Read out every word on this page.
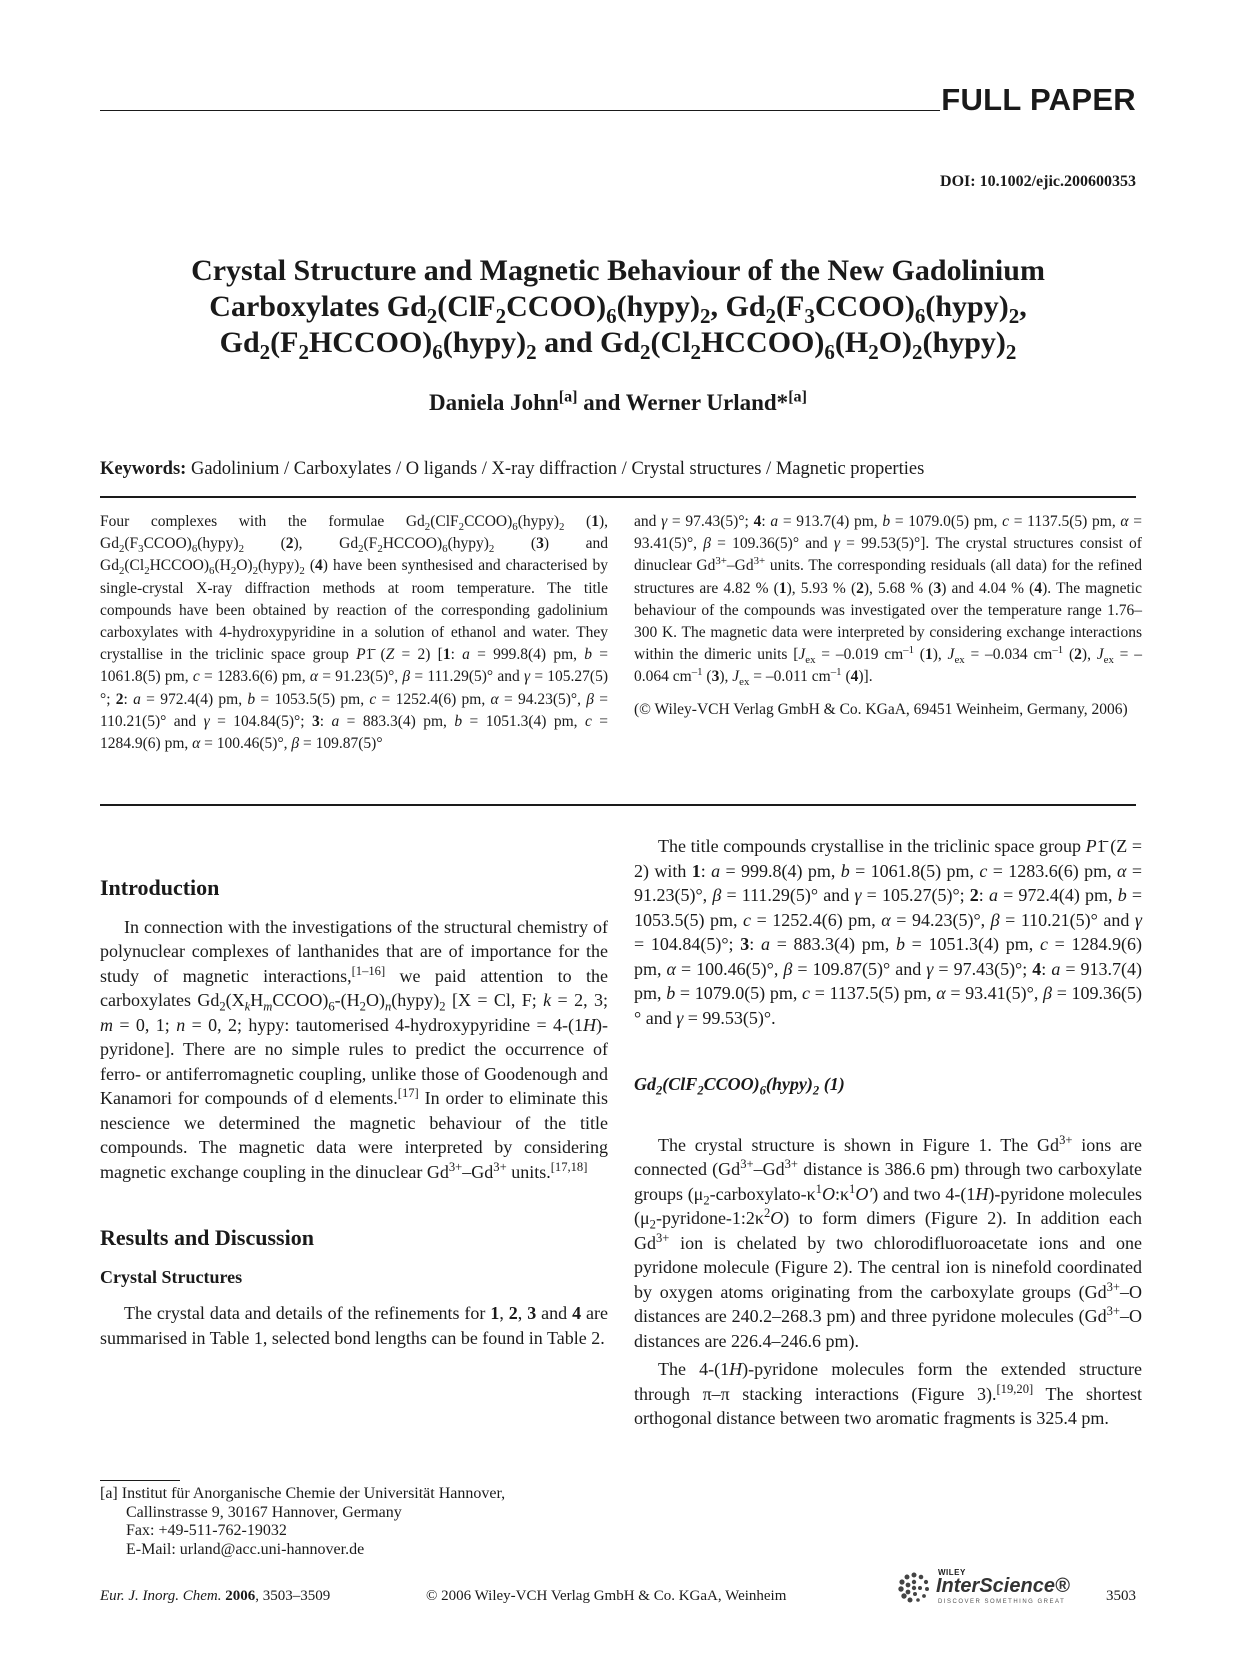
FULL PAPER
DOI: 10.1002/ejic.200600353
Crystal Structure and Magnetic Behaviour of the New Gadolinium
Carboxylates $Gd_2(ClF_2CCOO)_6(hypy)_2$, $Gd_2(F_3CCOO)_6(hypy)_2$,
$Gd_2(F_2HCCOO)_6(hypy)_2$ and $Gd_2(Cl_2HCCOO)_6(H_2O)_2(hypy)_2$
Daniela John[a] and Werner Urland*[a]
Keywords: Gadolinium / Carboxylates / O ligands / X-ray diffraction / Crystal structures / Magnetic properties

Four complexes with the formulae $Gd_2(ClF_2CCOO)_6(hypy)_2$ (1), $Gd_2(F_3CCOO)_6(hypy)_2$ (2), $Gd_2(F_2HCCOO)_6(hypy)_2$ (3) and $Gd_2(Cl_2HCCOO)_6(H_2O)_2(hypy)_2$ (4) have been synthesised and characterised by single-crystal X-ray diffraction methods at room temperature. The title compounds have been obtained by reaction of the corresponding gadolinium carboxylates with 4-hydroxypyridine in a solution of ethanol and water. They crystallise in the triclinic space group P1̄ (Z = 2) [1: a = 999.8(4) pm, b = 1061.8(5) pm, c = 1283.6(6) pm, α = 91.23(5)°, β = 111.29(5)° and γ = 105.27(5)°; 2: a = 972.4(4) pm, b = 1053.5(5) pm, c = 1252.4(6) pm, α = 94.23(5)°, β = 110.21(5)° and γ = 104.84(5)°; 3: a = 883.3(4) pm, b = 1051.3(4) pm, c = 1284.9(6) pm, α = 100.46(5)°, β = 109.87(5)°

and γ = 97.43(5)°; 4: a = 913.7(4) pm, b = 1079.0(5) pm, c = 1137.5(5) pm, α = 93.41(5)°, β = 109.36(5)° and γ = 99.53(5)°]. The crystal structures consist of dinuclear $Gd^{3+}-Gd^{3+}$ units. The corresponding residuals (all data) for the refined structures are 4.82 % (1), 5.93 % (2), 5.68 % (3) and 4.04 % (4). The magnetic behaviour of the compounds was investigated over the temperature range 1.76–300 K. The magnetic data were interpreted by considering exchange interactions within the dimeric units [$J_{ex} = -0.019$ $cm^{-1}$ (1), $J_{ex} = -0.034$ $cm^{-1}$ (2), $J_{ex} = -0.064$ $cm^{-1}$ (3), $J_{ex} = -0.011$ $cm^{-1}$ (4)].

(© Wiley-VCH Verlag GmbH & Co. KGaA, 69451 Weinheim, Germany, 2006)

Introduction

In connection with the investigations of the structural chemistry of polynuclear complexes of lanthanides that are of importance for the study of magnetic interactions,[1–16] we paid attention to the carboxylates $Gd_2(X_kH_mCCOO)_6-(H_2O)_n(hypy)_2$ [X = Cl, F; k = 2, 3; m = 0, 1; n = 0, 2; hypy: tautomerised 4-hydroxypyridine = 4-(1H)-pyridone]. There are no simple rules to predict the occurrence of ferro- or antiferromagnetic coupling, unlike those of Goodenough and Kanamori for compounds of d elements.[17] In order to eliminate this nescience we determined the magnetic behaviour of the title compounds. The magnetic data were interpreted by considering magnetic exchange coupling in the dinuclear $Gd^{3+}-Gd^{3+}$ units.[17,18]

Results and Discussion
Crystal Structures

The crystal data and details of the refinements for 1, 2, 3 and 4 are summarised in Table 1, selected bond lengths can be found in Table 2.

The title compounds crystallise in the triclinic space group P1̄ (Z = 2) with 1: a = 999.8(4) pm, b = 1061.8(5) pm, c = 1283.6(6) pm, α = 91.23(5)°, β = 111.29(5)° and γ = 105.27(5)°; 2: a = 972.4(4) pm, b = 1053.5(5) pm, c = 1252.4(6) pm, α = 94.23(5)°, β = 110.21(5)° and γ = 104.84(5)°; 3: a = 883.3(4) pm, b = 1051.3(4) pm, c = 1284.9(6) pm, α = 100.46(5)°, β = 109.87(5)° and γ = 97.43(5)°; 4: a = 913.7(4) pm, b = 1079.0(5) pm, c = 1137.5(5) pm, α = 93.41(5)°, β = 109.36(5)° and γ = 99.53(5)°.

$Gd_2(ClF_2CCOO)_6(hypy)_2$ (1)

The crystal structure is shown in Figure 1. The $Gd^{3+}$ ions are connected ($Gd^{3+}-Gd^{3+}$ distance is 386.6 pm) through two carboxylate groups $(\mu_2-carboxylato-\kappa^1O:\kappa^1O')$ and two 4-(1H)-pyridone molecules $(\mu_2-pyridone-1:2\kappa^2O)$ to form dimers (Figure 2). In addition each $Gd^{3+}$ ion is chelated by two chlorodifluoroacetate ions and one pyridone molecule (Figure 2). The central ion is ninefold coordinated by oxygen atoms originating from the carboxylate groups ($Gd^{3+}-O$ distances are 240.2–268.3 pm) and three pyridone molecules ($Gd^{3+}-O$ distances are 226.4–246.6 pm).

The 4-(1H)-pyridone molecules form the extended structure through π–π stacking interactions (Figure 3).[19,20] The shortest orthogonal distance between two aromatic fragments is 325.4 pm.

[a] Institut für Anorganische Chemie der Universität Hannover,
Callinstrasse 9, 30167 Hannover, Germany
Fax: +49-511-762-19032
E-Mail: urland@acc.uni-hannover.de
Eur. J. Inorg. Chem. 2006, 3503–3509	© 2006 Wiley-VCH Verlag GmbH & Co. KGaA, Weinheim
WILEY
InterScience®
DISCOVER SOMETHING GREAT	3503
